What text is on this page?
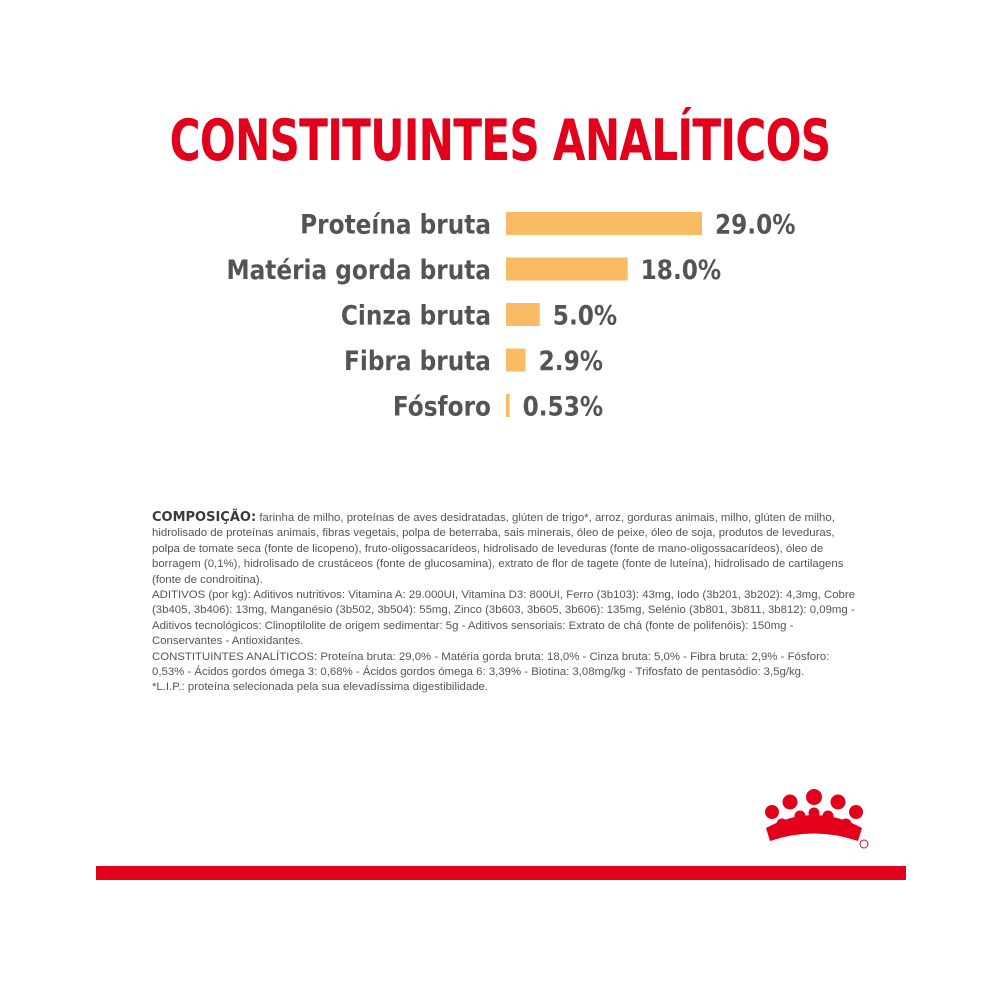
CONSTITUINTES ANALÍTICOS
Proteína bruta	29.0%
Matéria gorda bruta	18.0%
Cinza bruta 5.0%
Fibra bruta 2.9%
Fósforo 0.53%

COMPOSIÇÃO: farinha de milho, proteínas de aves desidratadas, glúten de trigo*, arroz, gorduras animais, milho, glúten de milho, hidrolisado de proteínas animais, fibras vegetais, polpa de beterraba, sais minerais, óleo de peixe, óleo de soja, produtos de leveduras, polpa de tomate seca (fonte de licopeno), fruto-oligossacarídeos, hidrolisado de leveduras (fonte de mano-oligossacarídeos), óleo de borragem (0,1%), hidrolisado de crustáceos (fonte de glucosamina), extrato de flor de tagete (fonte de luteína), hidrolisado de cartilagens (fonte de condroitina).

ADITIVOS (por kg): Aditivos nutritivos: Vitamina A: 29.000UI, Vitamina D3: 800UI, Ferro (3b103): 43mg, Iodo (3b201, 3b202): 4,3mg, Cobre (3b405, 3b406): 13mg, Manganésio (3b502, 3b504): 55mg, Zinco (3b603, 3b605, 3b606): 135mg, Selénio (3b801, 3b811, 3b812): 0,09mg - Aditivos tecnológicos: Clinoptilolite de origem sedimentar: 5g - Aditivos sensoriais: Extrato de chá (fonte de polifenóis): 150mg - Conservantes - Antioxidantes.

CONSTITUINTES ANALÍTICOS: Proteína bruta: 29,0% - Matéria gorda bruta: 18,0% - Cinza bruta: 5,0% - Fibra bruta: 2,9% - Fósforo: 0,53% - Ácidos gordos ómega 3: 0,68% - Ácidos gordos ómega 6: 3,39% - Biotina: 3,08mg/kg - Trifosfato de pentasódio: 3,5g/kg.

*L.I.P.: proteína selecionada pela sua elevadíssima digestibilidade.
